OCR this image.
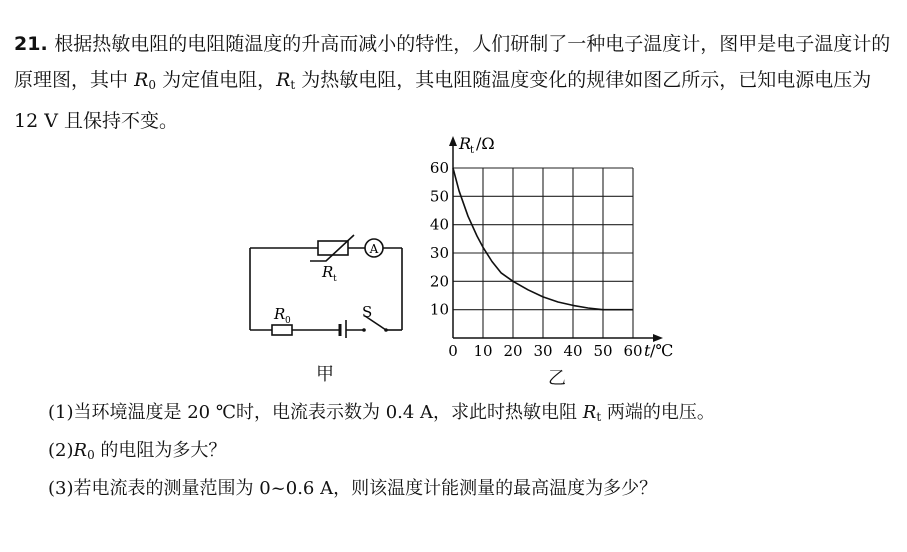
21. 根据热敏电阻的电阻随温度的升高而减小的特性，人们研制了一种电子温度计，图甲是电子温度计的原理图，其中 $R_0$ 为定值电阻，$R_t$ 为热敏电阻，其电阻随温度变化的规律如图乙所示，已知电源电压为 12 V 且保持不变。
A
R t
R 0	S
甲
0 10 20 30 40 50 60
10
20
30
40
50
60
R
t /Ω
t /℃
乙
(1)当环境温度是 20 ℃时，电流表示数为 0.4 A，求此时热敏电阻 $R_t$ 两端的电压。
$(2)R_0$ 的电阻为多大？
(3)若电流表的测量范围为 0~0.6 A，则该温度计能测量的最高温度为多少？
